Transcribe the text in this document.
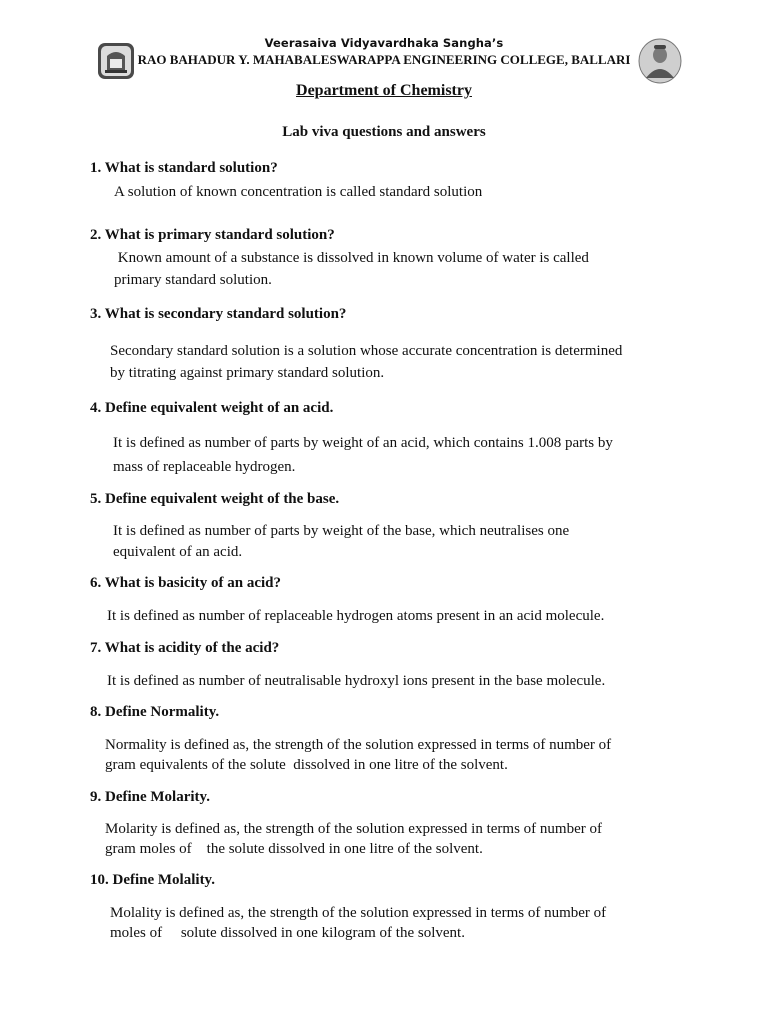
Veerasaiva Vidyavardhaka Sangha’s
RAO BAHADUR Y. MAHABALESWARAPPA ENGINEERING COLLEGE, BALLARI
Department of Chemistry
Lab viva questions and answers
1. What is standard solution?
A solution of known concentration is called standard solution
2. What is primary standard solution?
Known amount of a substance is dissolved in known volume of water is called
primary standard solution.
3. What is secondary standard solution?
Secondary standard solution is a solution whose accurate concentration is determined
by titrating against primary standard solution.
4. Define equivalent weight of an acid.
It is defined as number of parts by weight of an acid, which contains 1.008 parts by
mass of replaceable hydrogen.
5. Define equivalent weight of the base.
It is defined as number of parts by weight of the base, which neutralises one
equivalent of an acid.
6. What is basicity of an acid?
It is defined as number of replaceable hydrogen atoms present in an acid molecule.
7. What is acidity of the acid?
It is defined as number of neutralisable hydroxyl ions present in the base molecule.
8. Define Normality.
Normality is defined as, the strength of the solution expressed in terms of number of
gram equivalents of the solute  dissolved in one litre of the solvent.
9. Define Molarity.
Molarity is defined as, the strength of the solution expressed in terms of number of
gram moles of    the solute dissolved in one litre of the solvent.
10. Define Molality.
Molality is defined as, the strength of the solution expressed in terms of number of
moles of     solute dissolved in one kilogram of the solvent.
